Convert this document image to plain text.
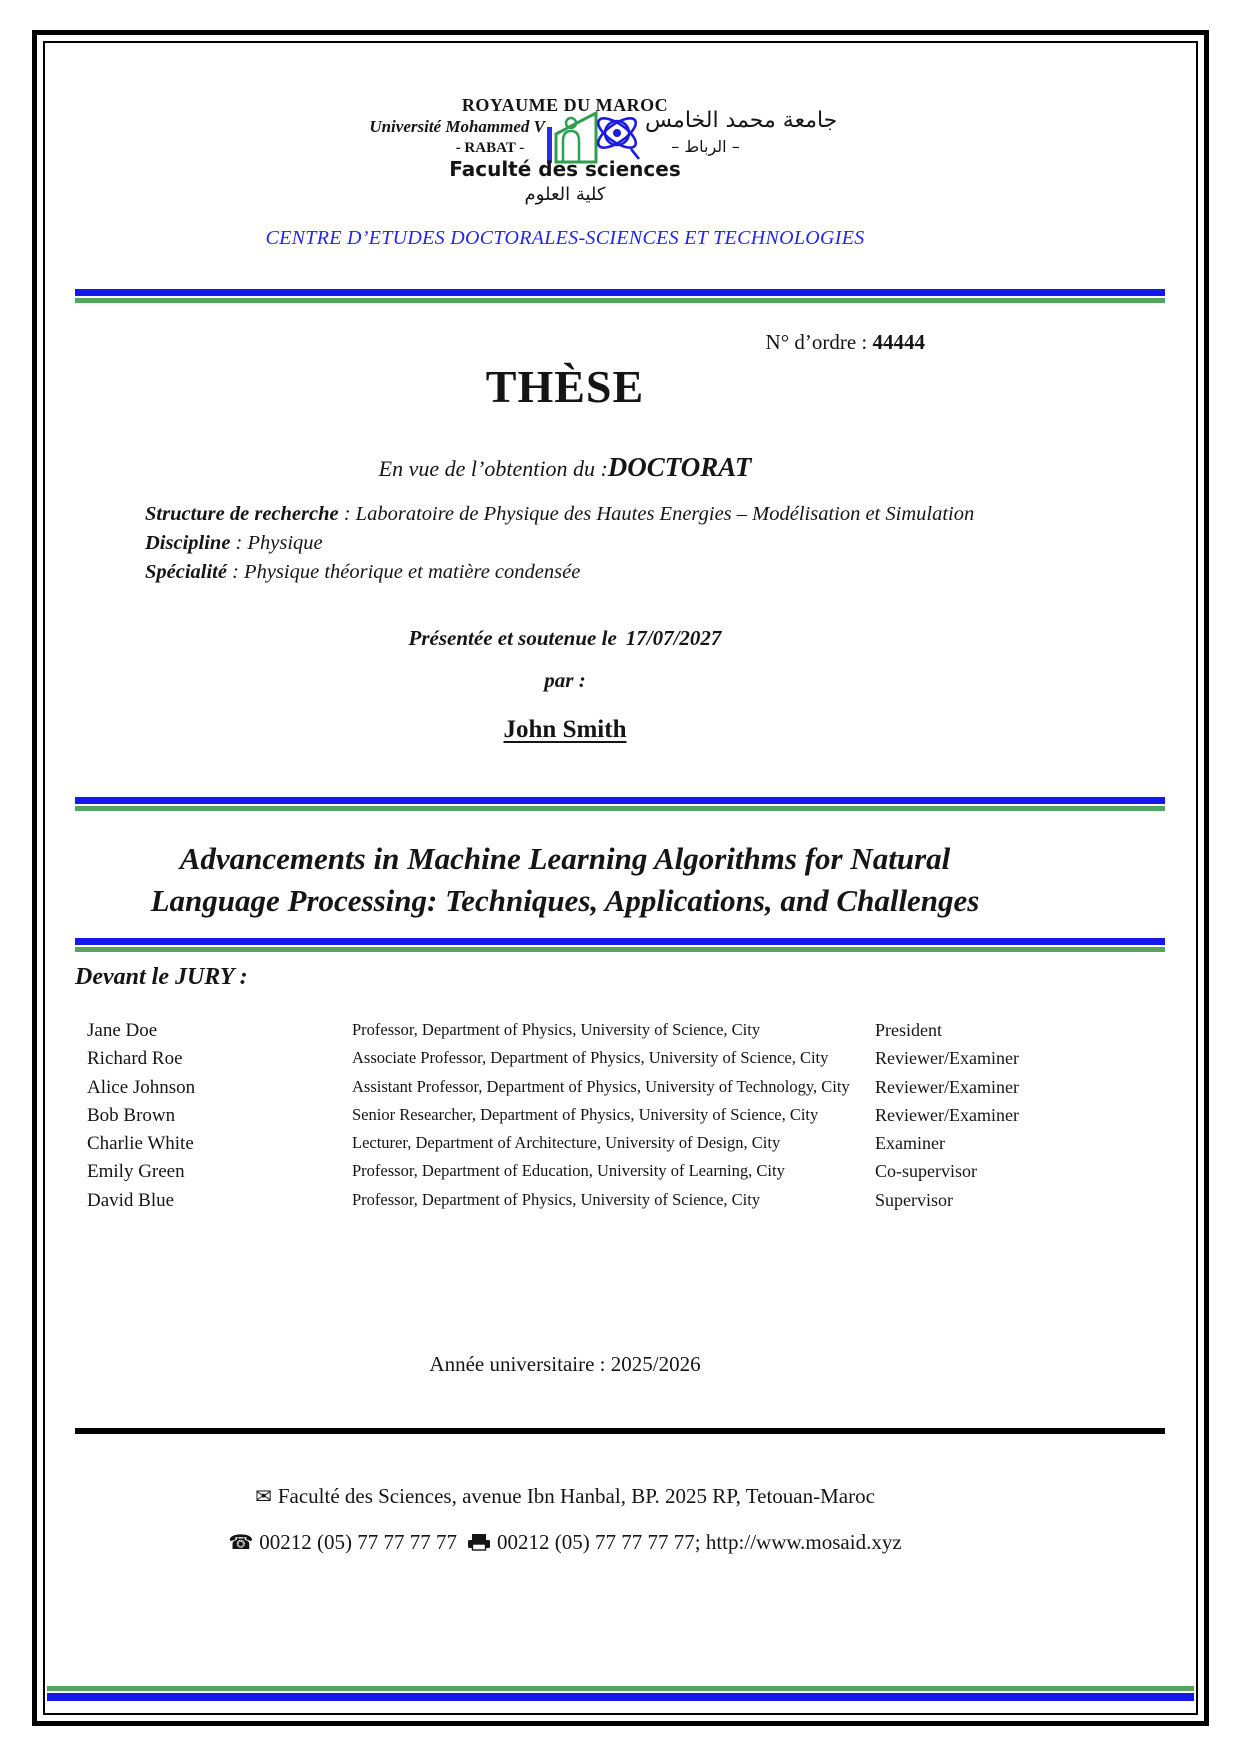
ROYAUME DU MAROC
Université Mohammed V
- RABAT -
جامعة محمد الخامس
– الرباط –
Faculté des sciences
كلية العلوم
CENTRE D’ETUDES DOCTORALES-SCIENCES ET TECHNOLOGIES
N° d’ordre : 44444
THÈSE
En vue de l’obtention du :DOCTORAT
Structure de recherche : Laboratoire de Physique des Hautes Energies – Modélisation et Simulation
Discipline : Physique
Spécialité : Physique théorique et matière condensée
Présentée et soutenue le 17/07/2027
par :
John Smith
Advancements in Machine Learning Algorithms for Natural
Language Processing: Techniques, Applications, and Challenges
Devant le JURY :
Jane Doe	Professor, Department of Physics, University of Science, City	President
Richard Roe	Associate Professor, Department of Physics, University of Science, City	Reviewer/Examiner
Alice Johnson	Assistant Professor, Department of Physics, University of Technology, City	Reviewer/Examiner
Bob Brown	Senior Researcher, Department of Physics, University of Science, City	Reviewer/Examiner
Charlie White	Lecturer, Department of Architecture, University of Design, City	Examiner
Emily Green	Professor, Department of Education, University of Learning, City	Co-supervisor
David Blue	Professor, Department of Physics, University of Science, City	Supervisor
Année universitaire : 2025/2026
✉ Faculté des Sciences, avenue Ibn Hanbal, BP. 2025 RP, Tetouan-Maroc
☎ 00212 (05) 77 77 77 77 00212 (05) 77 77 77 77; http://www.mosaid.xyz
